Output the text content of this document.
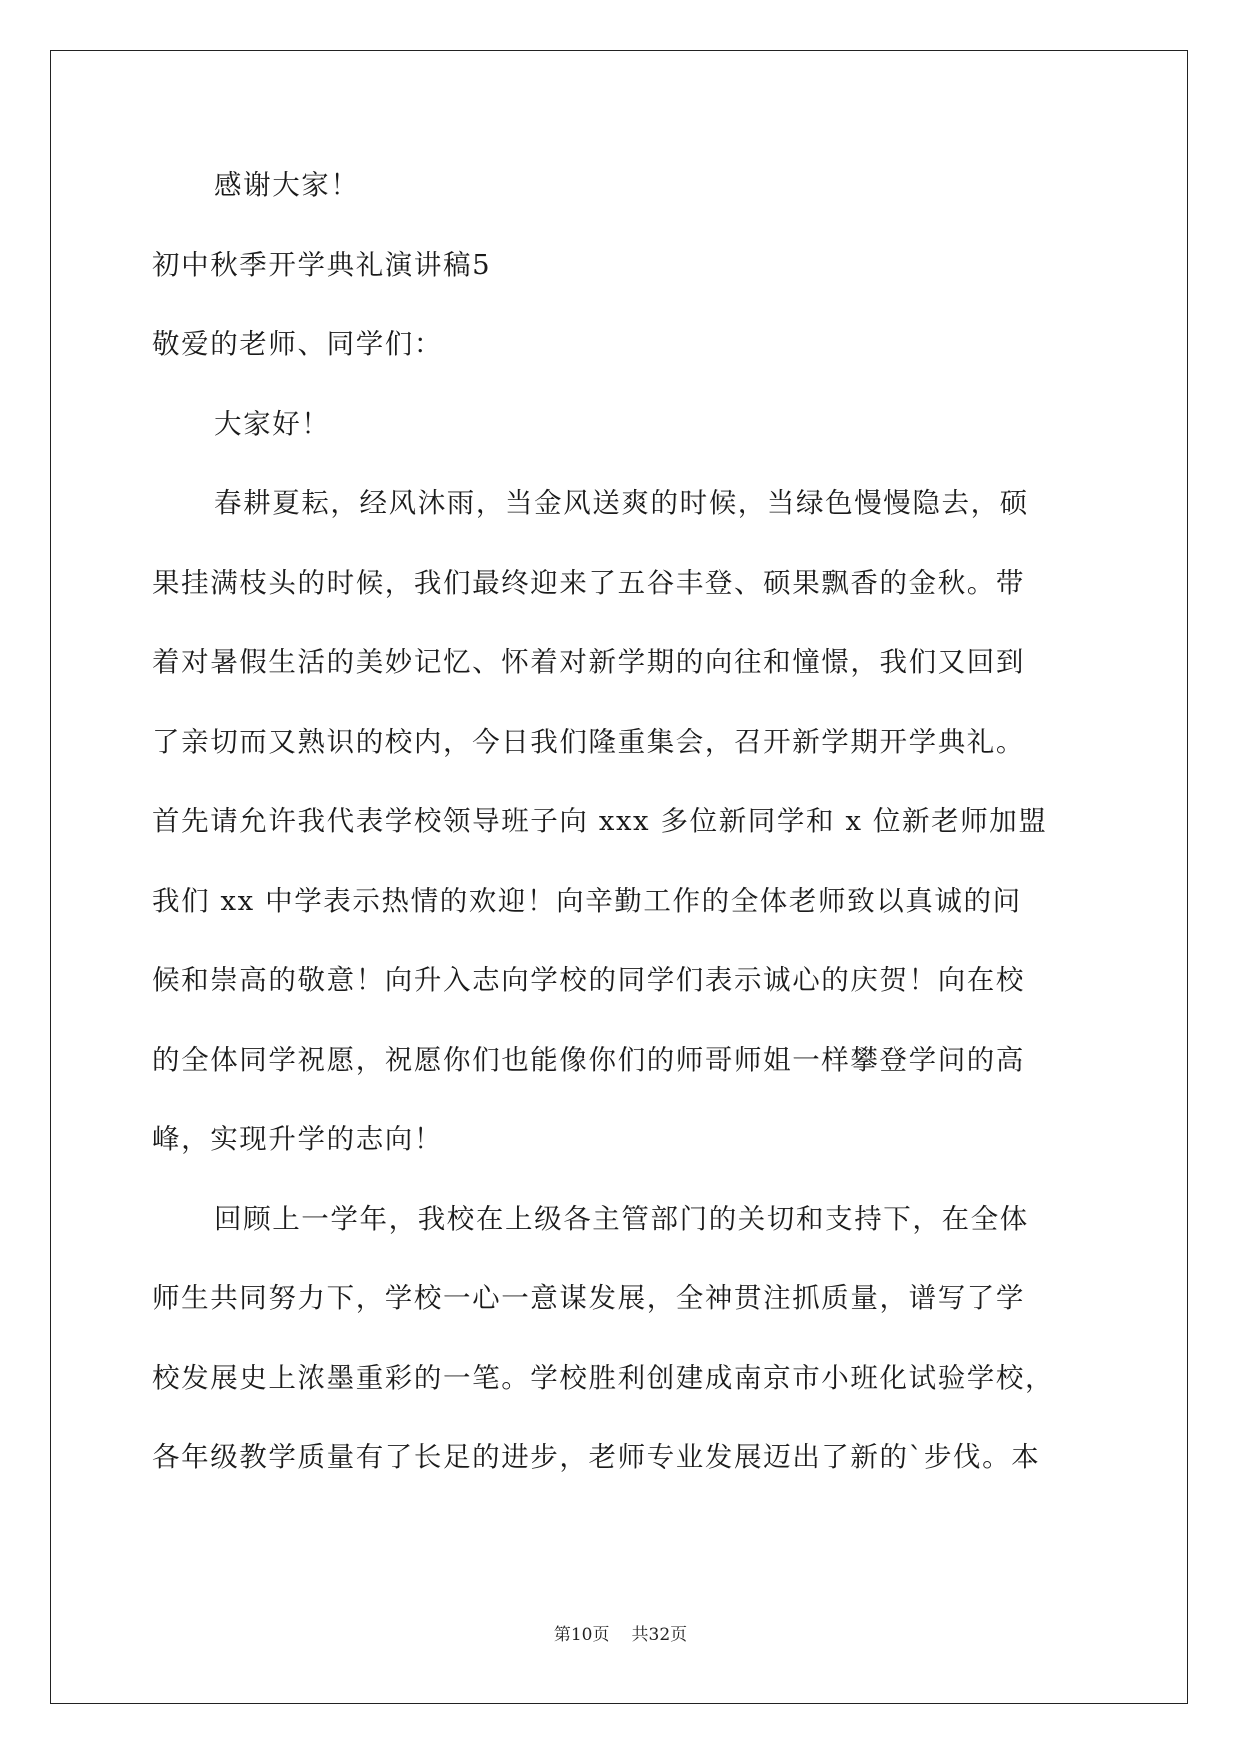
感谢大家！
初中秋季开学典礼演讲稿5
敬爱的老师、同学们：
大家好！
春耕夏耘，经风沐雨，当金风送爽的时候，当绿色慢慢隐去，硕
果挂满枝头的时候，我们最终迎来了五谷丰登、硕果飘香的金秋。带
着对暑假生活的美妙记忆、怀着对新学期的向往和憧憬，我们又回到
了亲切而又熟识的校内，今日我们隆重集会，召开新学期开学典礼。
首先请允许我代表学校领导班子向 xxx 多位新同学和 x 位新老师加盟
我们 xx 中学表示热情的欢迎！向辛勤工作的全体老师致以真诚的问
候和崇高的敬意！向升入志向学校的同学们表示诚心的庆贺！向在校
的全体同学祝愿，祝愿你们也能像你们的师哥师姐一样攀登学问的高
峰，实现升学的志向！
回顾上一学年，我校在上级各主管部门的关切和支持下，在全体
师生共同努力下，学校一心一意谋发展，全神贯注抓质量，谱写了学
校发展史上浓墨重彩的一笔。学校胜利创建成南京市小班化试验学校，
各年级教学质量有了长足的进步，老师专业发展迈出了新的`步伐。本
第10页 共32页
